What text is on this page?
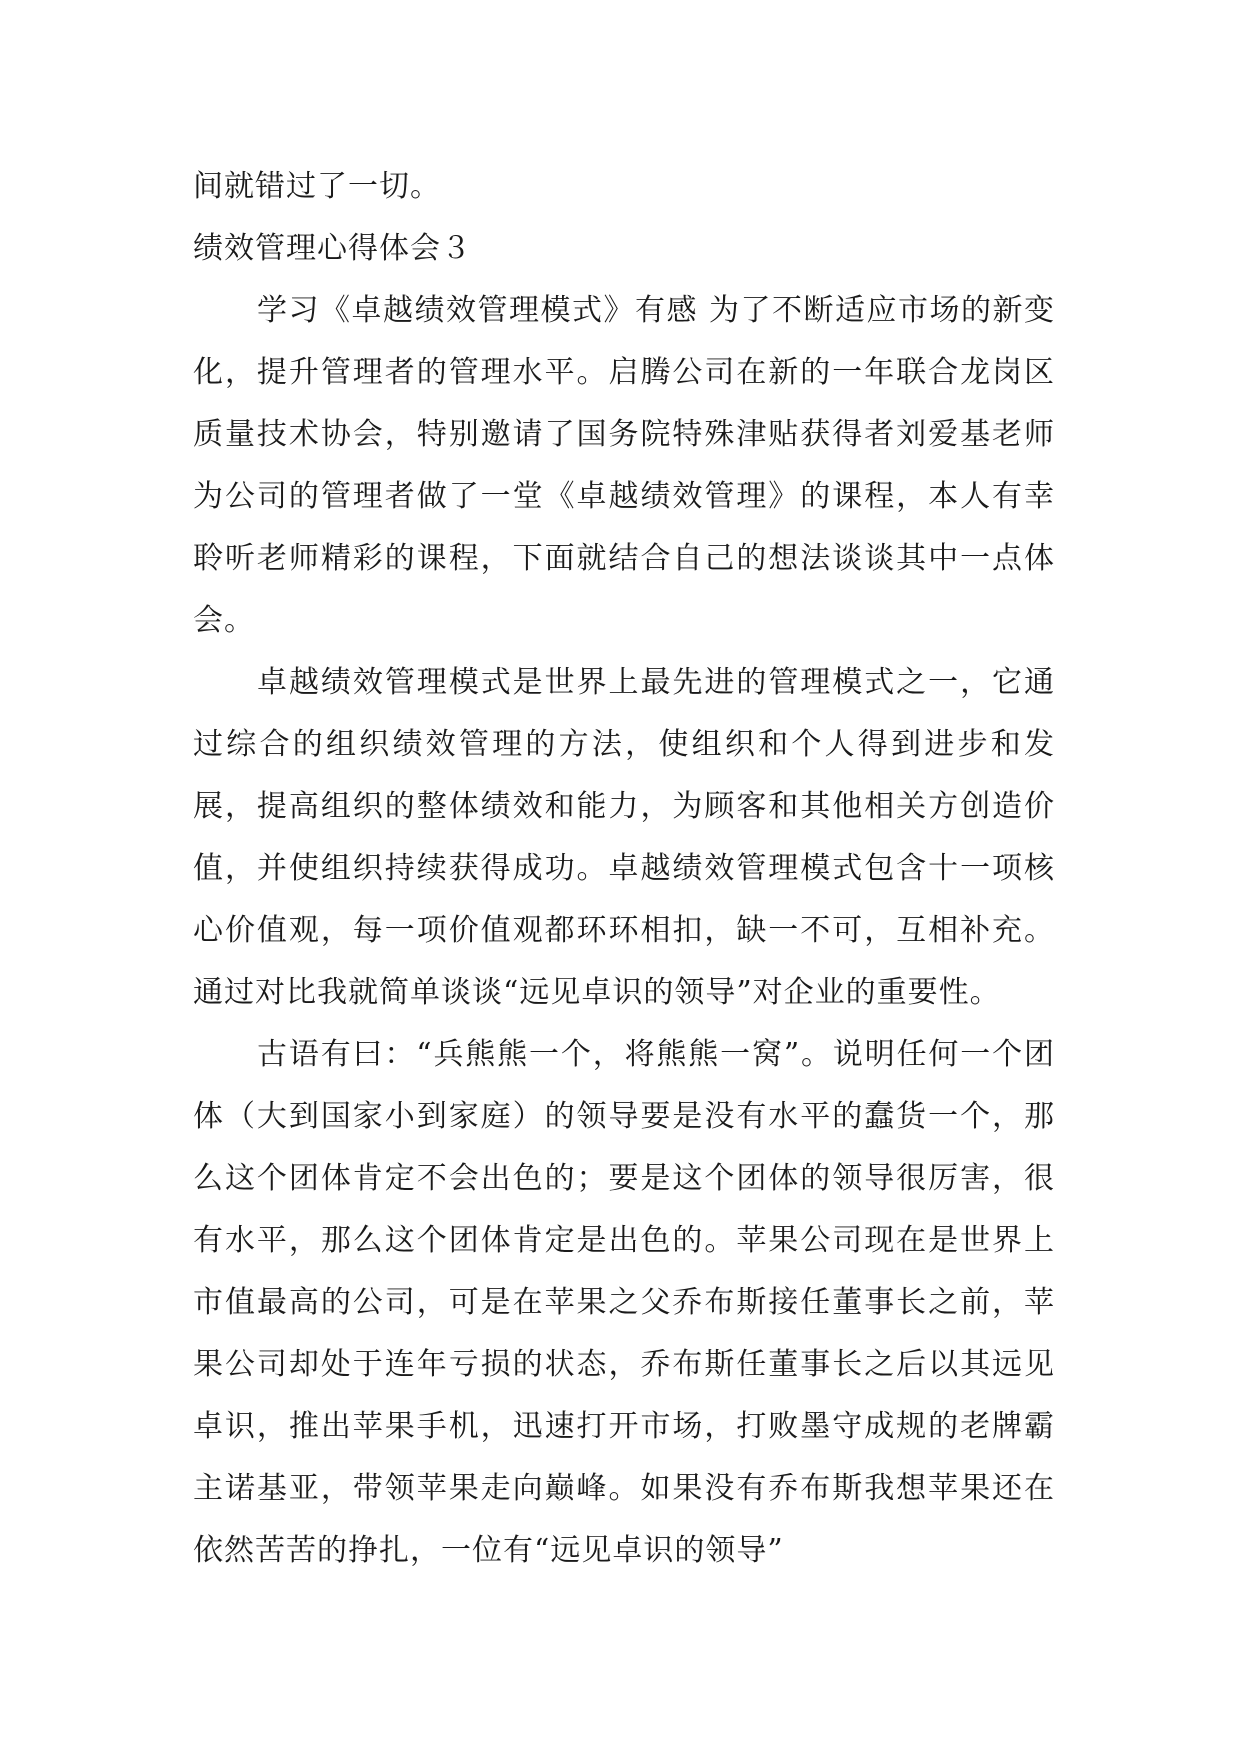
间就错过了一切。

绩效管理心得体会３

学习《卓越绩效管理模式》有感 为了不断适应市场的新变化，提升管理者的管理水平。启腾公司在新的一年联合龙岗区质量技术协会，特别邀请了国务院特殊津贴获得者刘爱基老师为公司的管理者做了一堂《卓越绩效管理》的课程，本人有幸聆听老师精彩的课程，下面就结合自己的想法谈谈其中一点体会。

卓越绩效管理模式是世界上最先进的管理模式之一，它通过综合的组织绩效管理的方法，使组织和个人得到进步和发展，提高组织的整体绩效和能力，为顾客和其他相关方创造价值，并使组织持续获得成功。卓越绩效管理模式包含十一项核心价值观，每一项价值观都环环相扣，缺一不可，互相补充。通过对比我就简单谈谈“远见卓识的领导”对企业的重要性。

古语有曰：“兵熊熊一个，将熊熊一窝”。说明任何一个团体（大到国家小到家庭）的领导要是没有水平的蠢货一个，那么这个团体肯定不会出色的；要是这个团体的领导很厉害，很有水平，那么这个团体肯定是出色的。苹果公司现在是世界上市值最高的公司，可是在苹果之父乔布斯接任董事长之前，苹果公司却处于连年亏损的状态，乔布斯任董事长之后以其远见卓识，推出苹果手机，迅速打开市场，打败墨守成规的老牌霸主诺基亚，带领苹果走向巅峰。如果没有乔布斯我想苹果还在依然苦苦的挣扎，一位有“远见卓识的领导”
